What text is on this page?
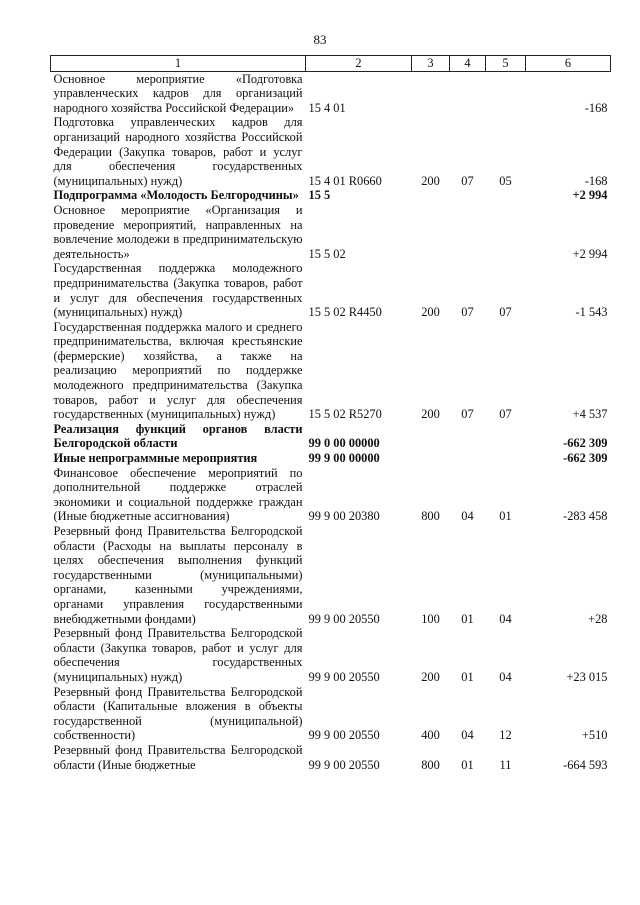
83
1	2	3	4	5	6
Основное мероприятие «Подготовка управленческих кадров для организаций народного хозяйства Российской Федерации»	15 4 01				-168
Подготовка управленческих кадров для организаций народного хозяйства Российской Федерации (Закупка товаров, работ и услуг для обеспечения государственных (муниципальных) нужд)	15 4 01 R0660	200	07	05	-168
Подпрограмма «Молодость Белгородчины»	15 5				+2 994
Основное мероприятие «Организация и проведение мероприятий, направленных на вовлечение молодежи в предпринимательскую деятельность»	15 5 02				+2 994
Государственная поддержка молодежного предпринимательства (Закупка товаров, работ и услуг для обеспечения государственных (муниципальных) нужд)	15 5 02 R4450	200	07	07	-1 543
Государственная поддержка малого и среднего предпринимательства, включая крестьянские (фермерские) хозяйства, а также на реализацию мероприятий по поддержке молодежного предпринимательства (Закупка товаров, работ и услуг для обеспечения государственных (муниципальных) нужд)	15 5 02 R5270	200	07	07	+4 537
Реализация функций органов власти Белгородской области	99 0 00 00000				-662 309
Иные непрограммные мероприятия	99 9 00 00000				-662 309
Финансовое обеспечение мероприятий по дополнительной поддержке отраслей экономики и социальной поддержке граждан (Иные бюджетные ассигнования)	99 9 00 20380	800	04	01	-283 458
Резервный фонд Правительства Белгородской области (Расходы на выплаты персоналу в целях обеспечения выполнения функций государственными (муниципальными) органами, казенными учреждениями, органами управления государственными внебюджетными фондами)	99 9 00 20550	100	01	04	+28
Резервный фонд Правительства Белгородской области (Закупка товаров, работ и услуг для обеспечения государственных (муниципальных) нужд)	99 9 00 20550	200	01	04	+23 015
Резервный фонд Правительства Белгородской области (Капитальные вложения в объекты государственной (муниципальной) собственности)	99 9 00 20550	400	04	12	+510
Резервный фонд Правительства Белгородской области (Иные бюджетные	99 9 00 20550	800	01	11	-664 593
